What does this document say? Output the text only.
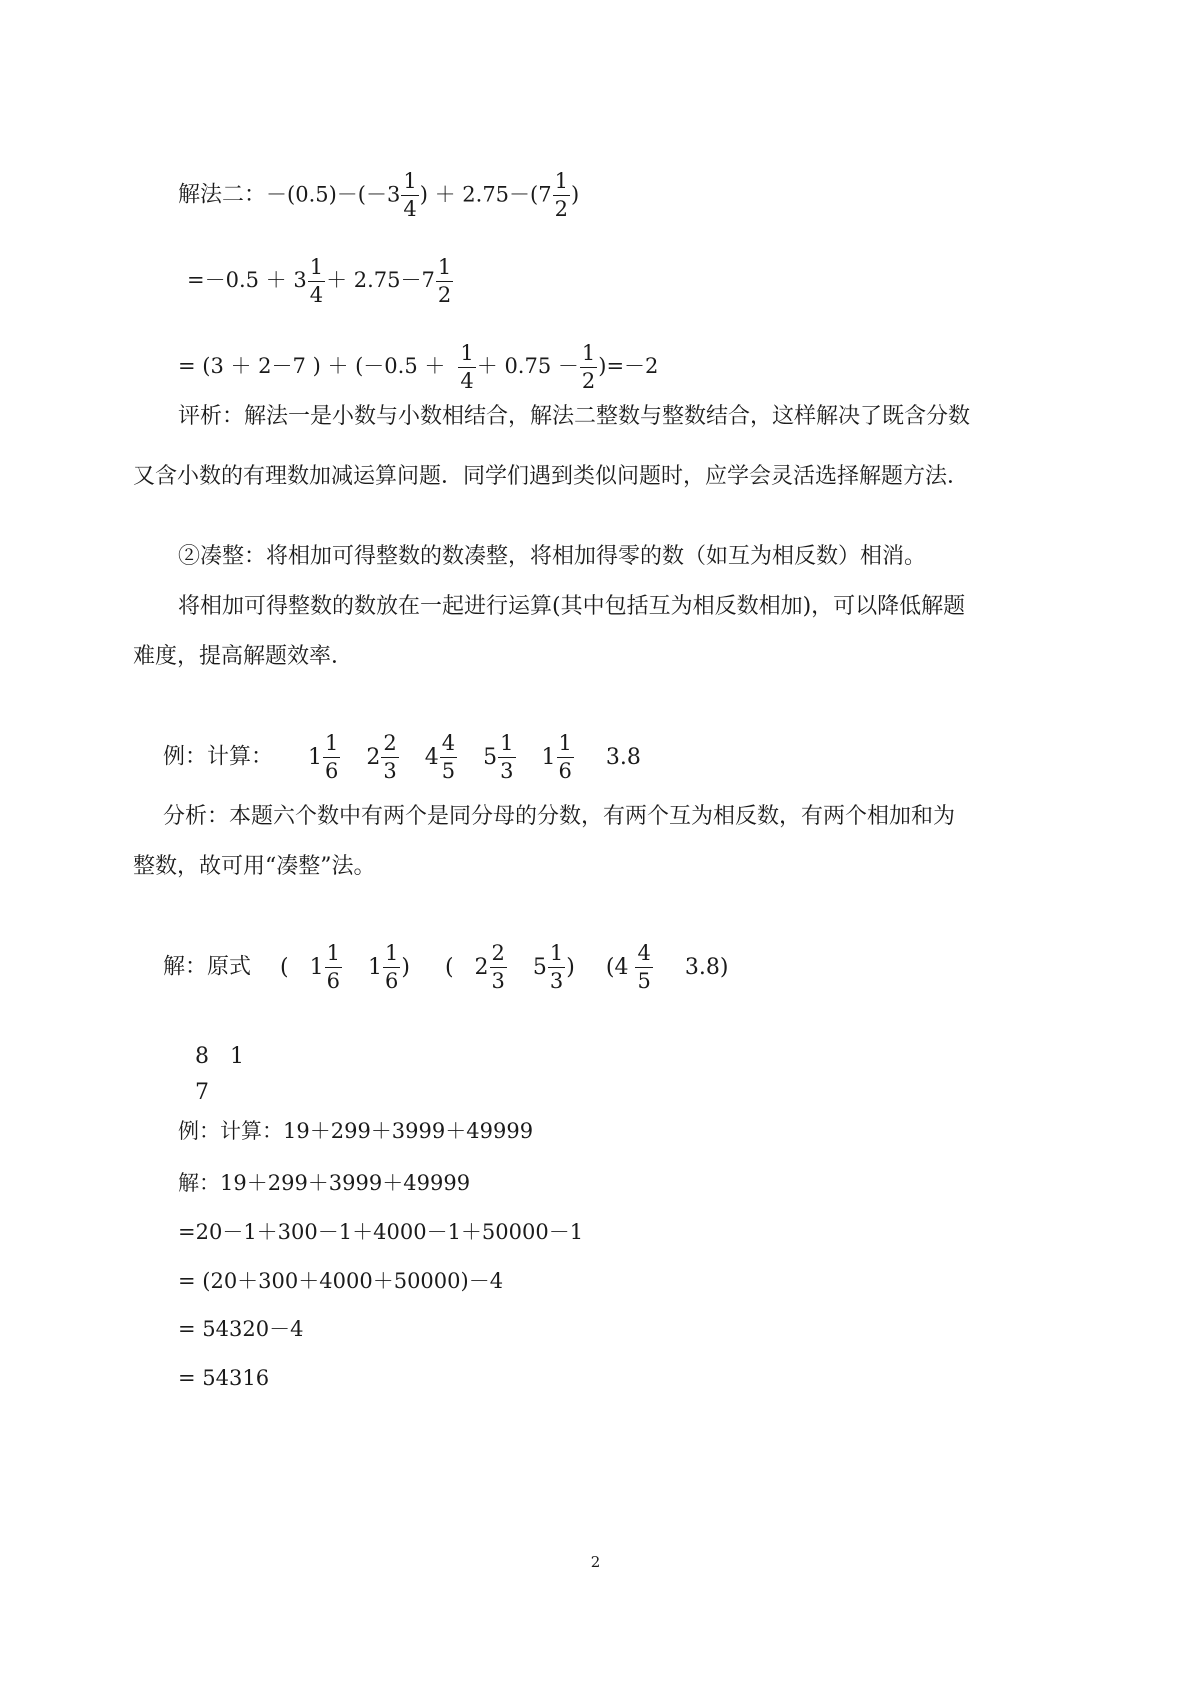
解法二：$-(0.5)-(-3 \frac{1}{4}$ ) ＋ $2.75-(7 \frac{1}{2}$ )
$=-0.5 + 3 \frac{1}{4} + 2.75-7 \frac{1}{2}$
= (3 ＋ 2－7 ) ＋ $(-0.5 + \frac{1}{4} + 0.75 - \frac{1}{2} )=-2$
评析：解法一是小数与小数相结合，解法二整数与整数结合，这样解决了既含分数
又含小数的有理数加减运算问题．同学们遇到类似问题时，应学会灵活选择解题方法．
②凑整：将相加可得整数的数凑整，将相加得零的数（如互为相反数）相消。
将相加可得整数的数放在一起进行运算(其中包括互为相反数相加)，可以降低解题
难度，提高解题效率．
例：计算： $1 \frac{1}{6} 2 \frac{2}{3} 4 \frac{4}{5} 5 \frac{1}{3} 1 \frac{1}{6} 3.8$
分析：本题六个数中有两个是同分母的分数，有两个互为相反数，有两个相加和为
整数，故可用“凑整”法。
解：原式 ( $1 \frac{1}{6} 1 \frac{1}{6}$ ) ( $2 \frac{2}{3} 5 \frac{1}{3}$ ) $(4 \frac{4}{5} 3.8)$
8   1
7
例：计算：19＋299＋3999＋49999
解：19＋299＋3999＋49999
=20－1＋300－1＋4000－1＋50000－1
= (20＋300＋4000＋50000)－4
= 54320－4
= 54316
2
